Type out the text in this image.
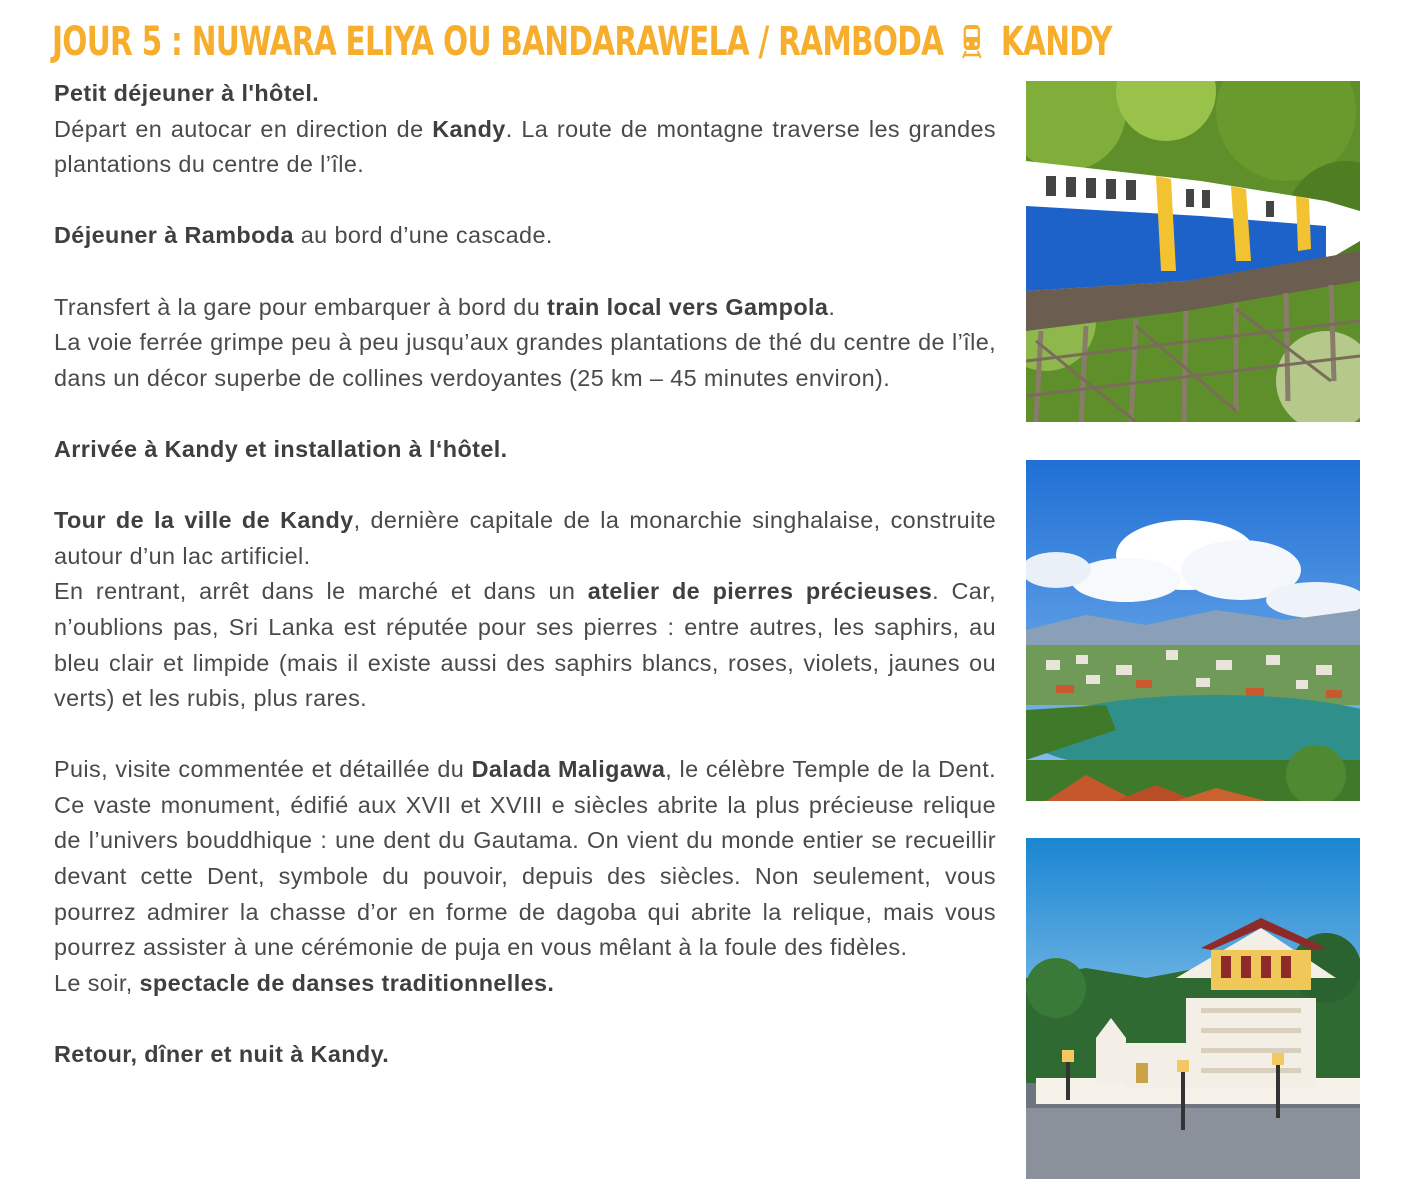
JOUR 5 : NUWARA ELIYA OU BANDARAWELA / RAMBODA KANDY

Petit déjeuner à l'hôtel.

Départ en autocar en direction de Kandy. La route de montagne traverse les grandes plantations du centre de l’île.

Déjeuner à Ramboda au bord d’une cascade.

Transfert à la gare pour embarquer à bord du train local vers Gampola.

La voie ferrée grimpe peu à peu jusqu’aux grandes plantations de thé du centre de l’île, dans un décor superbe de collines verdoyantes (25 km – 45 minutes environ).

Arrivée à Kandy et installation à l‘hôtel.

Tour de la ville de Kandy, dernière capitale de la monarchie singhalaise, construite autour d’un lac artificiel.

En rentrant, arrêt dans le marché et dans un atelier de pierres précieuses. Car, n’oublions pas, Sri Lanka est réputée pour ses pierres : entre autres, les saphirs, au bleu clair et limpide (mais il existe aussi des saphirs blancs, roses, violets, jaunes ou verts) et les rubis, plus rares.

Puis, visite commentée et détaillée du Dalada Maligawa, le célèbre Temple de la Dent. Ce vaste monument, édifié aux XVII et XVIII e siècles abrite la plus précieuse relique de l’univers bouddhique : une dent du Gautama. On vient du monde entier se recueillir devant cette Dent, symbole du pouvoir, depuis des siècles. Non seulement, vous pourrez admirer la chasse d’or en forme de dagoba qui abrite la relique, mais vous pourrez assister à une cérémonie de puja en vous mêlant à la foule des fidèles.

Le soir, spectacle de danses traditionnelles.

Retour, dîner et nuit à Kandy.
